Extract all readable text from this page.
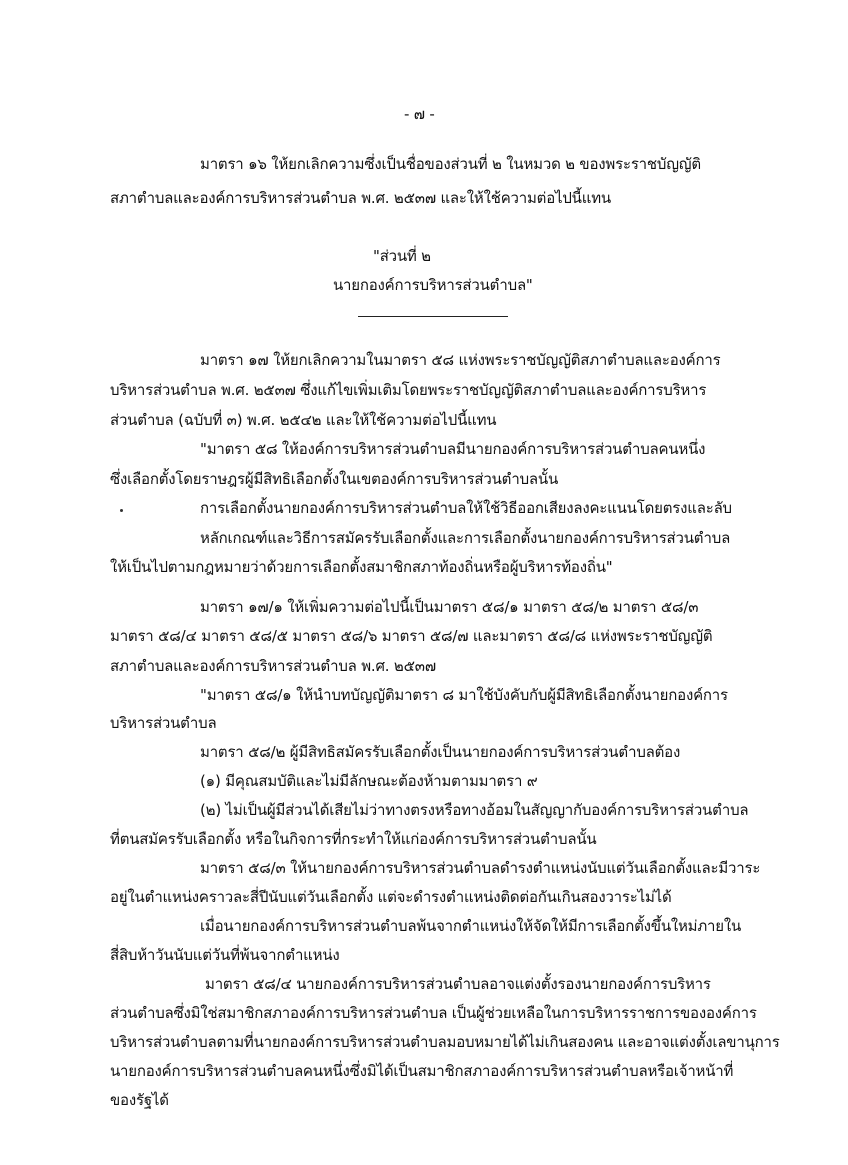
- ๗ -
มาตรา ๑๖ ให้ยกเลิกความซึ่งเป็นชื่อของส่วนที่ ๒ ในหมวด ๒ ของพระราชบัญญัติ
สภาตำบลและองค์การบริหารส่วนตำบล พ.ศ. ๒๕๓๗ และให้ใช้ความต่อไปนี้แทน
"ส่วนที่ ๒
นายกองค์การบริหารส่วนตำบล"
มาตรา ๑๗ ให้ยกเลิกความในมาตรา ๕๘ แห่งพระราชบัญญัติสภาตำบลและองค์การ
บริหารส่วนตำบล พ.ศ. ๒๕๓๗ ซึ่งแก้ไขเพิ่มเติมโดยพระราชบัญญัติสภาตำบลและองค์การบริหาร
ส่วนตำบล (ฉบับที่ ๓) พ.ศ. ๒๕๔๒ และให้ใช้ความต่อไปนี้แทน
"มาตรา ๕๘ ให้องค์การบริหารส่วนตำบลมีนายกองค์การบริหารส่วนตำบลคนหนึ่ง
ซึ่งเลือกตั้งโดยราษฎรผู้มีสิทธิเลือกตั้งในเขตองค์การบริหารส่วนตำบลนั้น
การเลือกตั้งนายกองค์การบริหารส่วนตำบลให้ใช้วิธีออกเสียงลงคะแนนโดยตรงและลับ
หลักเกณฑ์และวิธีการสมัครรับเลือกตั้งและการเลือกตั้งนายกองค์การบริหารส่วนตำบล
ให้เป็นไปตามกฎหมายว่าด้วยการเลือกตั้งสมาชิกสภาท้องถิ่นหรือผู้บริหารท้องถิ่น"
มาตรา ๑๗/๑ ให้เพิ่มความต่อไปนี้เป็นมาตรา ๕๘/๑ มาตรา ๕๘/๒ มาตรา ๕๘/๓
มาตรา ๕๘/๔ มาตรา ๕๘/๕ มาตรา ๕๘/๖ มาตรา ๕๘/๗ และมาตรา ๕๘/๘ แห่งพระราชบัญญัติ
สภาตำบลและองค์การบริหารส่วนตำบล พ.ศ. ๒๕๓๗
"มาตรา ๕๘/๑ ให้นำบทบัญญัติมาตรา ๘ มาใช้บังคับกับผู้มีสิทธิเลือกตั้งนายกองค์การ
บริหารส่วนตำบล
มาตรา ๕๘/๒ ผู้มีสิทธิสมัครรับเลือกตั้งเป็นนายกองค์การบริหารส่วนตำบลต้อง
(๑) มีคุณสมบัติและไม่มีลักษณะต้องห้ามตามมาตรา ๙
(๒) ไม่เป็นผู้มีส่วนได้เสียไม่ว่าทางตรงหรือทางอ้อมในสัญญากับองค์การบริหารส่วนตำบล
ที่ตนสมัครรับเลือกตั้ง หรือในกิจการที่กระทำให้แก่องค์การบริหารส่วนตำบลนั้น
มาตรา ๕๘/๓ ให้นายกองค์การบริหารส่วนตำบลดำรงตำแหน่งนับแต่วันเลือกตั้งและมีวาระ
อยู่ในตำแหน่งคราวละสี่ปีนับแต่วันเลือกตั้ง แต่จะดำรงตำแหน่งติดต่อกันเกินสองวาระไม่ได้
เมื่อนายกองค์การบริหารส่วนตำบลพ้นจากตำแหน่งให้จัดให้มีการเลือกตั้งขึ้นใหม่ภายใน
สี่สิบห้าวันนับแต่วันที่พ้นจากตำแหน่ง
มาตรา ๕๘/๔ นายกองค์การบริหารส่วนตำบลอาจแต่งตั้งรองนายกองค์การบริหาร
ส่วนตำบลซึ่งมิใช่สมาชิกสภาองค์การบริหารส่วนตำบล เป็นผู้ช่วยเหลือในการบริหารราชการขององค์การ
บริหารส่วนตำบลตามที่นายกองค์การบริหารส่วนตำบลมอบหมายได้ไม่เกินสองคน และอาจแต่งตั้งเลขานุการ
นายกองค์การบริหารส่วนตำบลคนหนึ่งซึ่งมิได้เป็นสมาชิกสภาองค์การบริหารส่วนตำบลหรือเจ้าหน้าที่
ของรัฐได้
